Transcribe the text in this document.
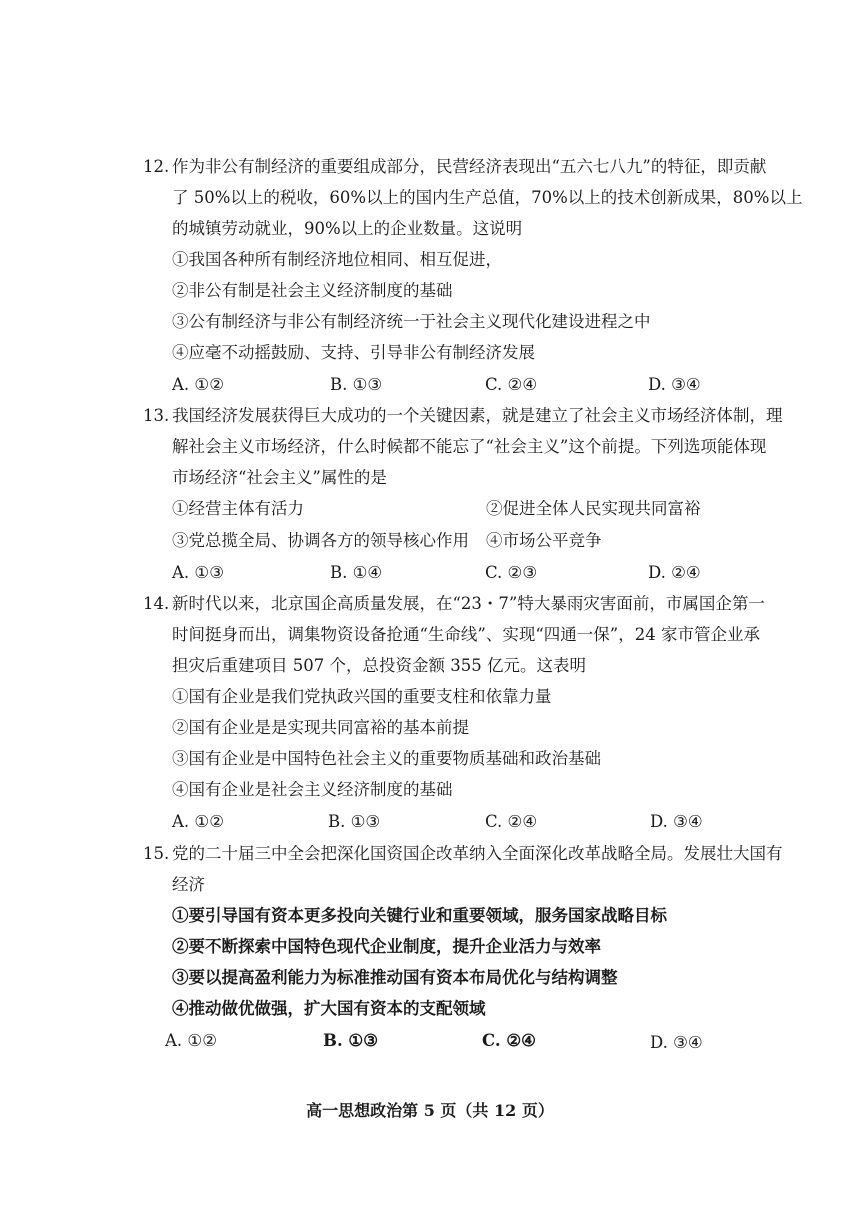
12. 作为非公有制经济的重要组成部分，民营经济表现出“五六七八九”的特征，即贡献
了 50%以上的税收，60%以上的国内生产总值，70%以上的技术创新成果，80%以上
的城镇劳动就业，90%以上的企业数量。这说明
①我国各种所有制经济地位相同、相互促进，
②非公有制是社会主义经济制度的基础
③公有制经济与非公有制经济统一于社会主义现代化建设进程之中
④应毫不动摇鼓励、支持、引导非公有制经济发展
A. ①②	B. ①③	C. ②④	D. ③④
13. 我国经济发展获得巨大成功的一个关键因素，就是建立了社会主义市场经济体制，理
解社会主义市场经济，什么时候都不能忘了“社会主义”这个前提。下列选项能体现
市场经济“社会主义”属性的是
①经营主体有活力	②促进全体人民实现共同富裕
③党总揽全局、协调各方的领导核心作用 ④市场公平竞争
A. ①③	B. ①④	C. ②③	D. ②④
14. 新时代以来，北京国企高质量发展，在“23・7”特大暴雨灾害面前，市属国企第一
时间挺身而出，调集物资设备抢通“生命线”、实现“四通一保”，24 家市管企业承
担灾后重建项目 507 个，总投资金额 355 亿元。这表明
①国有企业是我们党执政兴国的重要支柱和依靠力量
②国有企业是是实现共同富裕的基本前提
③国有企业是中国特色社会主义的重要物质基础和政治基础
④国有企业是社会主义经济制度的基础
A. ①②	B. ①③	C. ②④	D. ③④
15. 党的二十届三中全会把深化国资国企改革纳入全面深化改革战略全局。发展壮大国有
经济
①要引导国有资本更多投向关键行业和重要领域，服务国家战略目标
②要不断探索中国特色现代企业制度，提升企业活力与效率
③要以提高盈利能力为标准推动国有资本布局优化与结构调整
④推动做优做强，扩大国有资本的支配领域
A. ①②	B. ①③	C. ②④	D. ③④
高一思想政治第 5 页（共 12 页）
